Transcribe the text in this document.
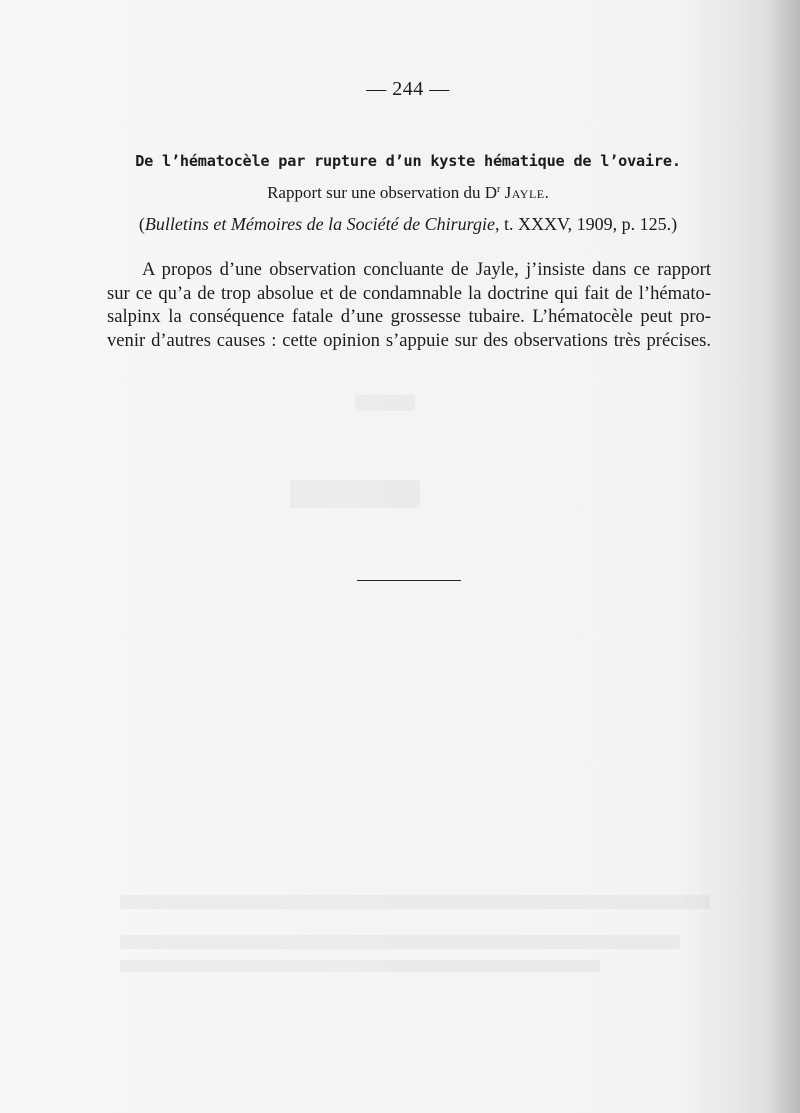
— 244 —
De l’hématocèle par rupture d’un kyste hématique de l’ovaire.
Rapport sur une observation du $D^r$ Jayle.
(Bulletins et Mémoires de la Société de Chirurgie, t. XXXV, 1909, p. 125.)
A propos d’une observation concluante de Jayle, j’insiste dans ce rapport
sur ce qu’a de trop absolue et de condamnable la doctrine qui fait de l’hémato-
salpinx la conséquence fatale d’une grossesse tubaire. L’hématocèle peut pro-
venir d’autres causes : cette opinion s’appuie sur des observations très précises.
